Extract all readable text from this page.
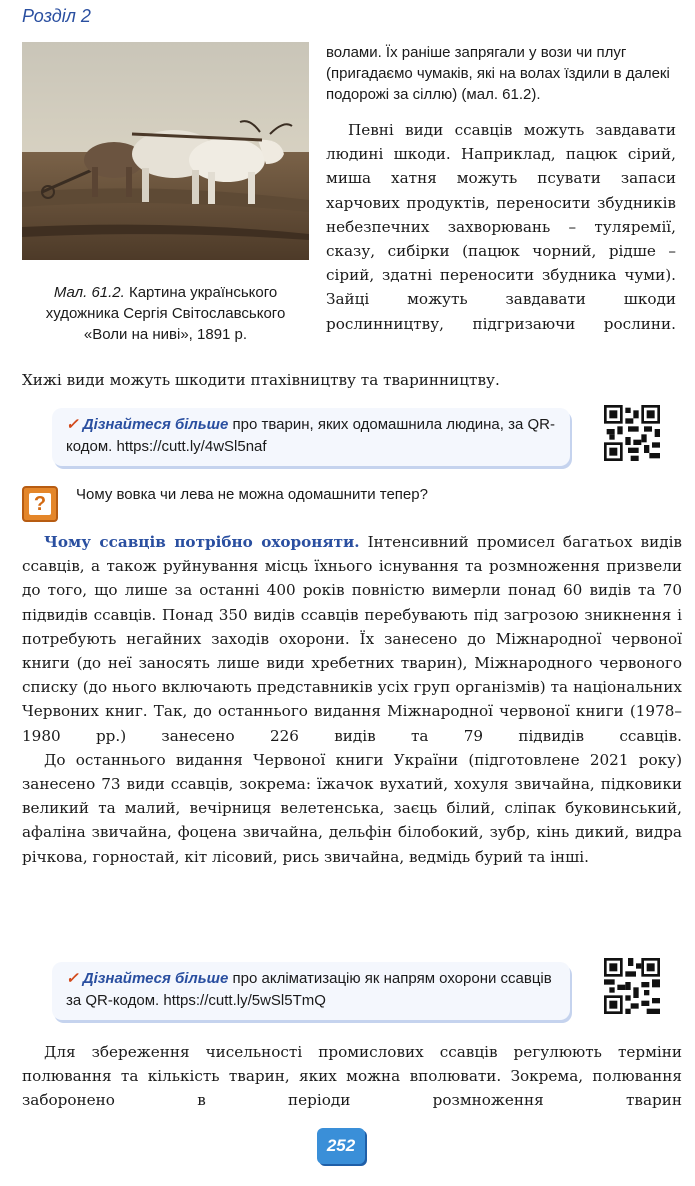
Розділ 2
Мал. 61.2. Картина українського художника Сергія Світославського «Воли на ниві», 1891 р.

волами. Їх раніше запрягали у вози чи плуг (пригадаємо чумаків, які на волах їздили в далекі подорожі за сіллю) (мал. 61.2).

Певні види ссавців можуть завдавати людині шкоди. Наприклад, пацюк сірий, миша хатня можуть псувати запаси харчових продуктів, переносити збудників небезпечних захворювань – туляремії, сказу, сибірки (пацюк чорний, рідше – сірий, здатні переносити збудника чуми). Зайці можуть завдавати шкоди рослинництву, підгризаючи рослини.

Хижі види можуть шкодити птахівництву та тваринництву.

✓ Дізнайтеся більше про тварин, яких одомашнила людина, за QR-кодом. https://cutt.ly/4wSl5naf
?	Чому вовка чи лева не можна одомашнити тепер?

Чому ссавців потрібно охороняти. Інтенсивний промисел багатьох видів ссавців, а також руйнування місць їхнього існування та розмноження призвели до того, що лише за останні 400 років повністю вимерли понад 60 видів та 70 підвидів ссавців. Понад 350 видів ссавців перебувають під загрозою зникнення і потребують негайних заходів охорони. Їх занесено до Міжнародної червоної книги (до неї заносять лише види хребетних тварин), Міжнародного червоного списку (до нього включають представників усіх груп організмів) та національних Червоних книг. Так, до останнього видання Міжнародної червоної книги (1978–1980 рр.) занесено 226 видів та 79 підвидів ссавців.

До останнього видання Червоної книги України (підготовлене 2021 року) занесено 73 види ссавців, зокрема: їжачок вухатий, хохуля звичайна, підковики великий та малий, вечірниця велетенська, заєць білий, сліпак буковинський, афаліна звичайна, фоцена звичайна, дельфін білобокий, зубр, кінь дикий, видра річкова, горностай, кіт лісовий, рись звичайна, ведмідь бурий та інші.

✓ Дізнайтеся більше про акліматизацію як напрям охорони ссавців за QR-кодом. https://cutt.ly/5wSl5TmQ

Для збереження чисельності промислових ссавців регулюють терміни полювання та кількість тварин, яких можна вполювати. Зокрема, полювання заборонено в періоди розмноження тварин

252
